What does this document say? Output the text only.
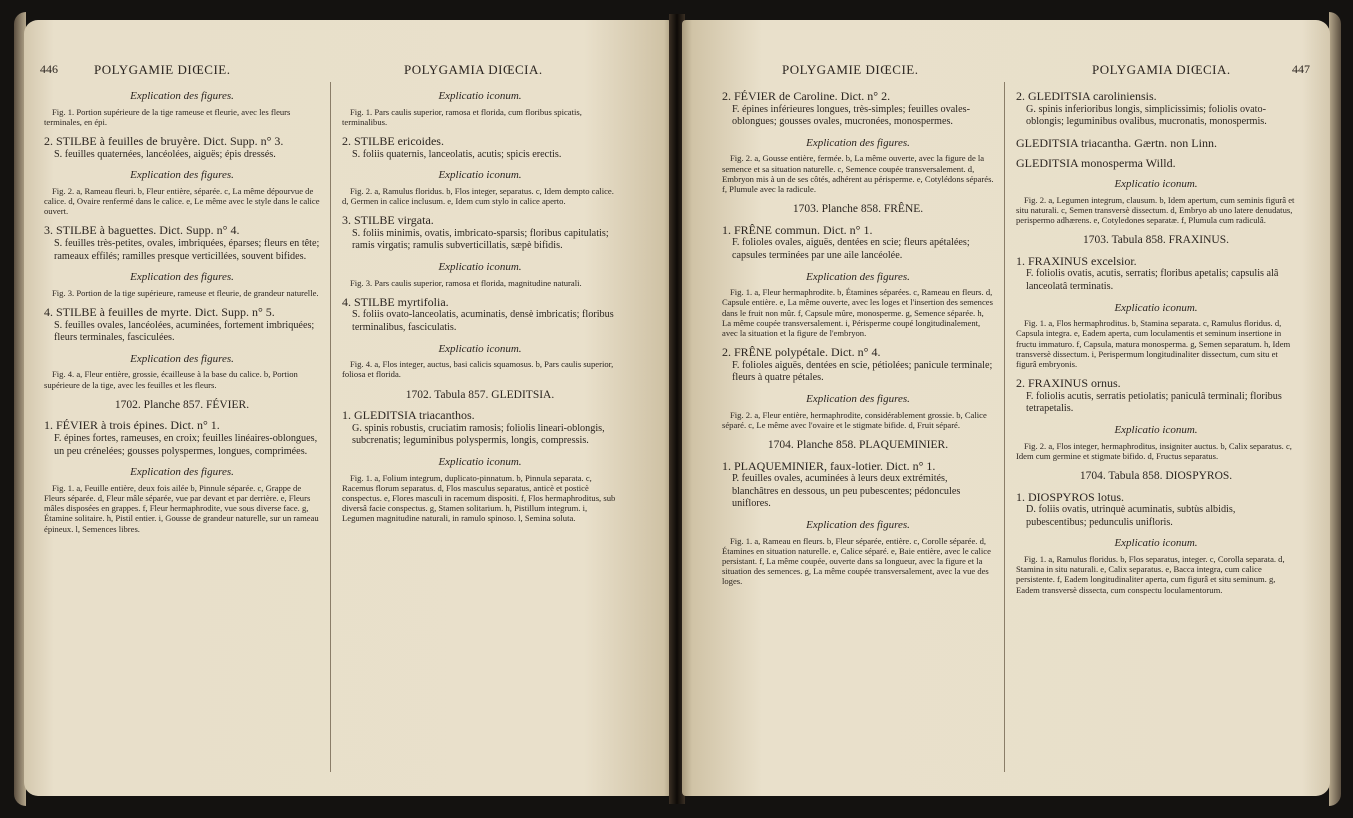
446	POLYGAMIE DIŒCIE.	POLYGAMIA DIŒCIA.

Explication des figures.

Fig. 1. Portion supérieure de la tige rameuse et fleurie, avec les fleurs terminales, en épi.

2. STILBE à feuilles de bruyère. Dict. Supp. n° 3.

S. feuilles quaternées, lancéolées, aiguës; épis dressés.

Explication des figures.

Fig. 2. a, Rameau fleuri. b, Fleur entière, séparée. c, La même dépourvue de calice. d, Ovaire renfermé dans le calice. e, Le même avec le style dans le calice ouvert.

3. STILBE à baguettes. Dict. Supp. n° 4.

S. feuilles très-petites, ovales, imbriquées, éparses; fleurs en tête; rameaux effilés; ramilles presque verticillées, souvent bifides.

Explication des figures.

Fig. 3. Portion de la tige supérieure, rameuse et fleurie, de grandeur naturelle.

4. STILBE à feuilles de myrte. Dict. Supp. n° 5.

S. feuilles ovales, lancéolées, acuminées, fortement imbriquées; fleurs terminales, fasciculées.

Explication des figures.

Fig. 4. a, Fleur entière, grossie, écailleuse à la base du calice. b, Portion supérieure de la tige, avec les feuilles et les fleurs.

1702. Planche 857. FÉVIER.

1. FÉVIER à trois épines. Dict. n° 1.

F. épines fortes, rameuses, en croix; feuilles linéaires-oblongues, un peu crénelées; gousses polyspermes, longues, comprimées.

Explication des figures.

Fig. 1. a, Feuille entière, deux fois ailée b, Pinnule séparée. c, Grappe de Fleurs séparée. d, Fleur mâle séparée, vue par devant et par derrière. e, Fleurs mâles disposées en grappes. f, Fleur hermaphrodite, vue sous diverse face. g, Étamine solitaire. h, Pistil entier. i, Gousse de grandeur naturelle, sur un rameau épineux. l, Semences libres.

Explicatio iconum.

Fig. 1. Pars caulis superior, ramosa et florida, cum floribus spicatis, terminalibus.

2. STILBE ericoides.

S. foliis quaternis, lanceolatis, acutis; spicis erectis.

Explicatio iconum.

Fig. 2. a, Ramulus floridus. b, Flos integer, separatus. c, Idem dempto calice. d, Germen in calice inclusum. e, Idem cum stylo in calice aperto.

3. STILBE virgata.

S. foliis minimis, ovatis, imbricato-sparsis; floribus capitulatis; ramis virgatis; ramulis subverticillatis, sæpè bifidis.

Explicatio iconum.

Fig. 3. Pars caulis superior, ramosa et florida, magnitudine naturali.

4. STILBE myrtifolia.

S. foliis ovato-lanceolatis, acuminatis, densè imbricatis; floribus terminalibus, fasciculatis.

Explicatio iconum.

Fig. 4. a, Flos integer, auctus, basi calicis squamosus. b, Pars caulis superior, foliosa et florida.

1702. Tabula 857. GLEDITSIA.

1. GLEDITSIA triacanthos.

G. spinis robustis, cruciatim ramosis; foliolis lineari-oblongis, subcrenatis; leguminibus polyspermis, longis, compressis.

Explicatio iconum.

Fig. 1. a, Folium integrum, duplicato-pinnatum. b, Pinnula separata. c, Racemus florum separatus. d, Flos masculus separatus, anticè et posticè conspectus. e, Flores masculi in racemum dispositi. f, Flos hermaphroditus, sub diversâ facie conspectus. g, Stamen solitarium. h, Pistillum integrum. i, Legumen magnitudine naturali, in ramulo spinoso. l, Semina soluta.

POLYGAMIE DIŒCIE.	POLYGAMIA DIŒCIA.	447

2. FÉVIER de Caroline. Dict. n° 2.

F. épines inférieures longues, très-simples; feuilles ovales-oblongues; gousses ovales, mucronées, monospermes.

Explication des figures.

Fig. 2. a, Gousse entière, fermée. b, La même ouverte, avec la figure de la semence et sa situation naturelle. c, Semence coupée transversalement. d, Embryon mis à un de ses côtés, adhérent au périsperme. e, Cotylédons séparés. f, Plumule avec la radicule.

1703. Planche 858. FRÊNE.

1. FRÊNE commun. Dict. n° 1.

F. folioles ovales, aiguës, dentées en scie; fleurs apétalées; capsules terminées par une aile lancéolée.

Explication des figures.

Fig. 1. a, Fleur hermaphrodite. b, Étamines séparées. c, Rameau en fleurs. d, Capsule entière. e, La même ouverte, avec les loges et l'insertion des semences dans le fruit non mûr. f, Capsule mûre, monosperme. g, Semence séparée. h, La même coupée transversalement. i, Périsperme coupé longitudinalement, avec la situation et la figure de l'embryon.

2. FRÊNE polypétale. Dict. n° 4.

F. folioles aiguës, dentées en scie, pétiolées; panicule terminale; fleurs à quatre pétales.

Explication des figures.

Fig. 2. a, Fleur entière, hermaphrodite, considérablement grossie. b, Calice séparé. c, Le même avec l'ovaire et le stigmate bifide. d, Fruit séparé.

1704. Planche 858. PLAQUEMINIER.

1. PLAQUEMINIER, faux-lotier. Dict. n° 1.

P. feuilles ovales, acuminées à leurs deux extrémités, blanchâtres en dessous, un peu pubescentes; pédoncules uniflores.

Explication des figures.

Fig. 1. a, Rameau en fleurs. b, Fleur séparée, entière. c, Corolle séparée. d, Étamines en situation naturelle. e, Calice séparé. e, Baie entière, avec le calice persistant. f, La même coupée, ouverte dans sa longueur, avec la figure et la situation des semences. g, La même coupée transversalement, avec la vue des loges.

2. GLEDITSIA caroliniensis.

G. spinis inferioribus longis, simplicissimis; foliolis ovato-oblongis; leguminibus ovalibus, mucronatis, monospermis.

GLEDITSIA triacantha. Gærtn. non Linn.

GLEDITSIA monosperma Willd.

Explicatio iconum.

Fig. 2. a, Legumen integrum, clausum. b, Idem apertum, cum seminis figurâ et situ naturali. c, Semen transversè dissectum. d, Embryo ab uno latere denudatus, perispermo adhærens. e, Cotyledones separatæ. f, Plumula cum radiculâ.

1703. Tabula 858. FRAXINUS.

1. FRAXINUS excelsior.

F. foliolis ovatis, acutis, serratis; floribus apetalis; capsulis alâ lanceolatâ terminatis.

Explicatio iconum.

Fig. 1. a, Flos hermaphroditus. b, Stamina separata. c, Ramulus floridus. d, Capsula integra. e, Eadem aperta, cum loculamentis et seminum insertione in fructu immaturo. f, Capsula, matura monosperma. g, Semen separatum. h, Idem transversè dissectum. i, Perispermum longitudinaliter dissectum, cum situ et figurâ embryonis.

2. FRAXINUS ornus.

F. foliolis acutis, serratis petiolatis; paniculâ terminali; floribus tetrapetalis.

Explicatio iconum.

Fig. 2. a, Flos integer, hermaphroditus, insigniter auctus. b, Calix separatus. c, Idem cum germine et stigmate bifido. d, Fructus separatus.

1704. Tabula 858. DIOSPYROS.

1. DIOSPYROS lotus.

D. foliis ovatis, utrinquè acuminatis, subtùs albidis, pubescentibus; pedunculis unifloris.

Explicatio iconum.

Fig. 1. a, Ramulus floridus. b, Flos separatus, integer. c, Corolla separata. d, Stamina in situ naturali. e, Calix separatus. e, Bacca integra, cum calice persistente. f, Eadem longitudinaliter aperta, cum figurâ et situ seminum. g, Eadem transversè dissecta, cum conspectu loculamentorum.
